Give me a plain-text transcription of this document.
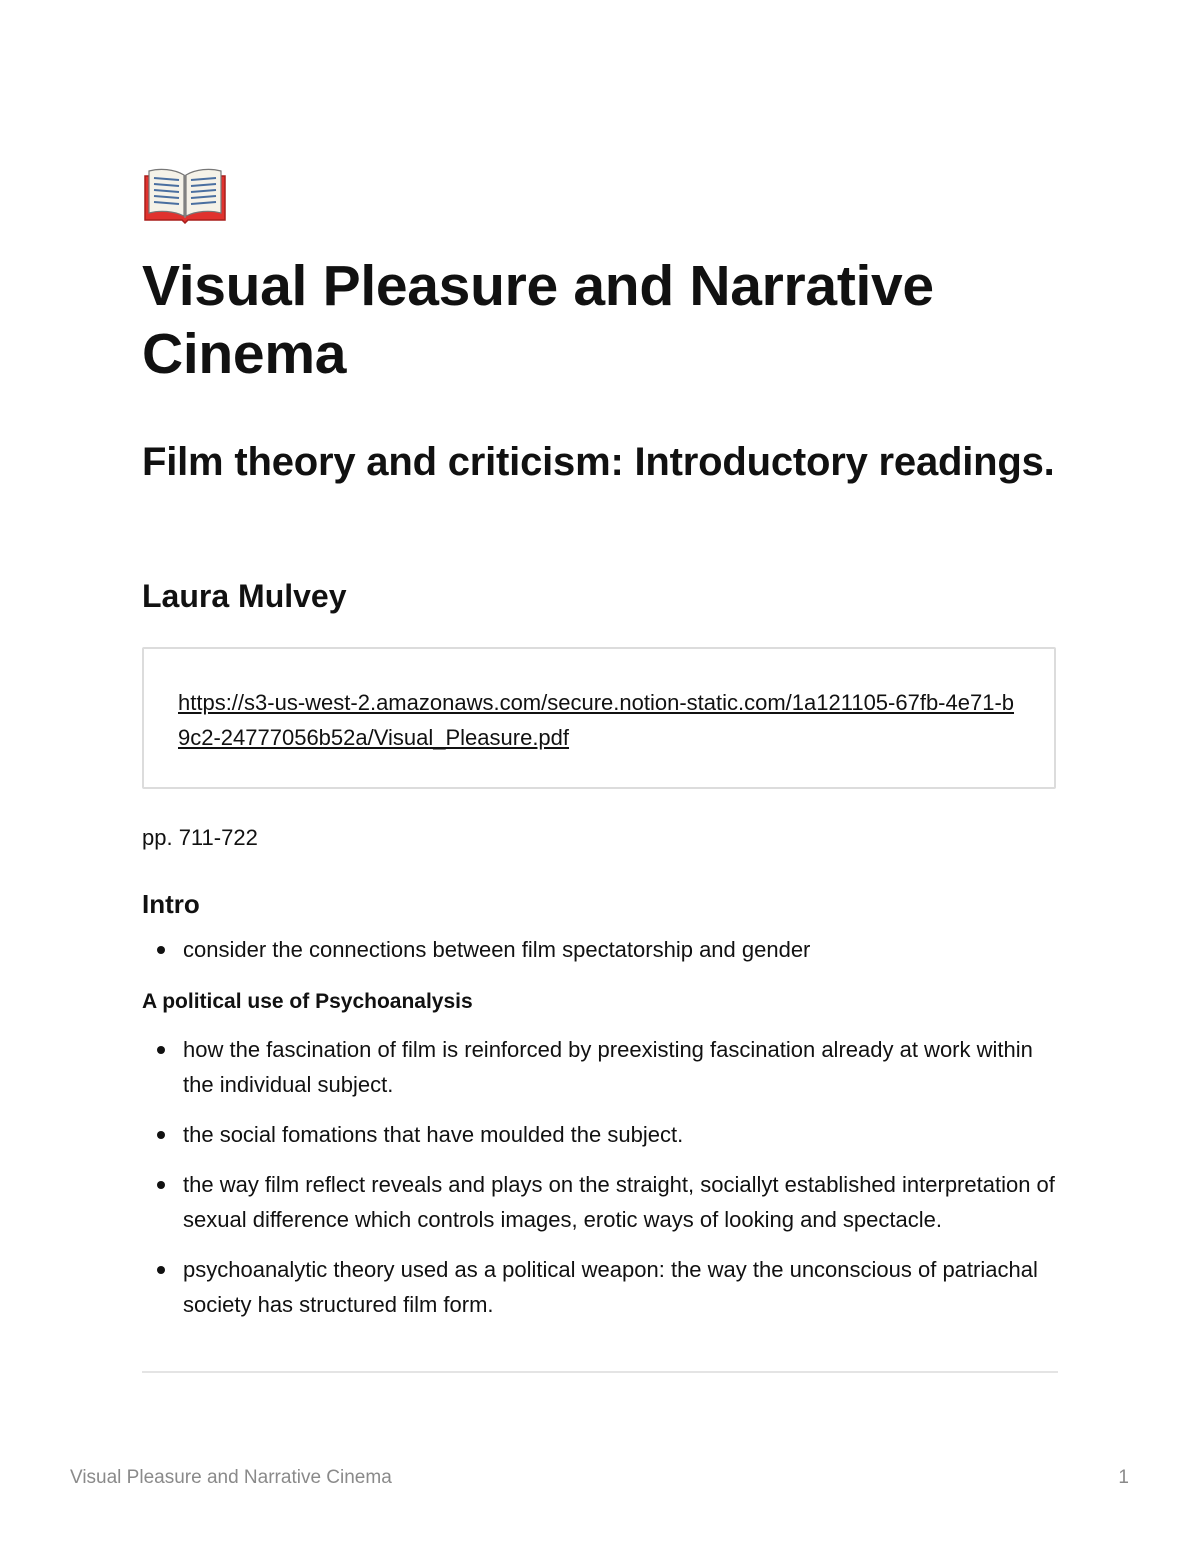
Visual Pleasure and Narrative Cinema
Film theory and criticism: Introductory readings.
Laura Mulvey
https://s3-us-west-2.amazonaws.com/secure.notion-static.com/1a121105-67fb-4e71-b9c2-24777056b52a/Visual_Pleasure.pdf

pp. 711-722

Intro
consider the connections between film spectatorship and gender
A political use of Psychoanalysis
how the fascination of film is reinforced by preexisting fascination already at work within the individual subject.
the social fomations that have moulded the subject.
the way film reflect reveals and plays on the straight, sociallyt established interpretation of sexual difference which controls images, erotic ways of looking and spectacle.
psychoanalytic theory used as a political weapon: the way the unconscious of patriachal society has structured film form.
Visual Pleasure and Narrative Cinema	1
